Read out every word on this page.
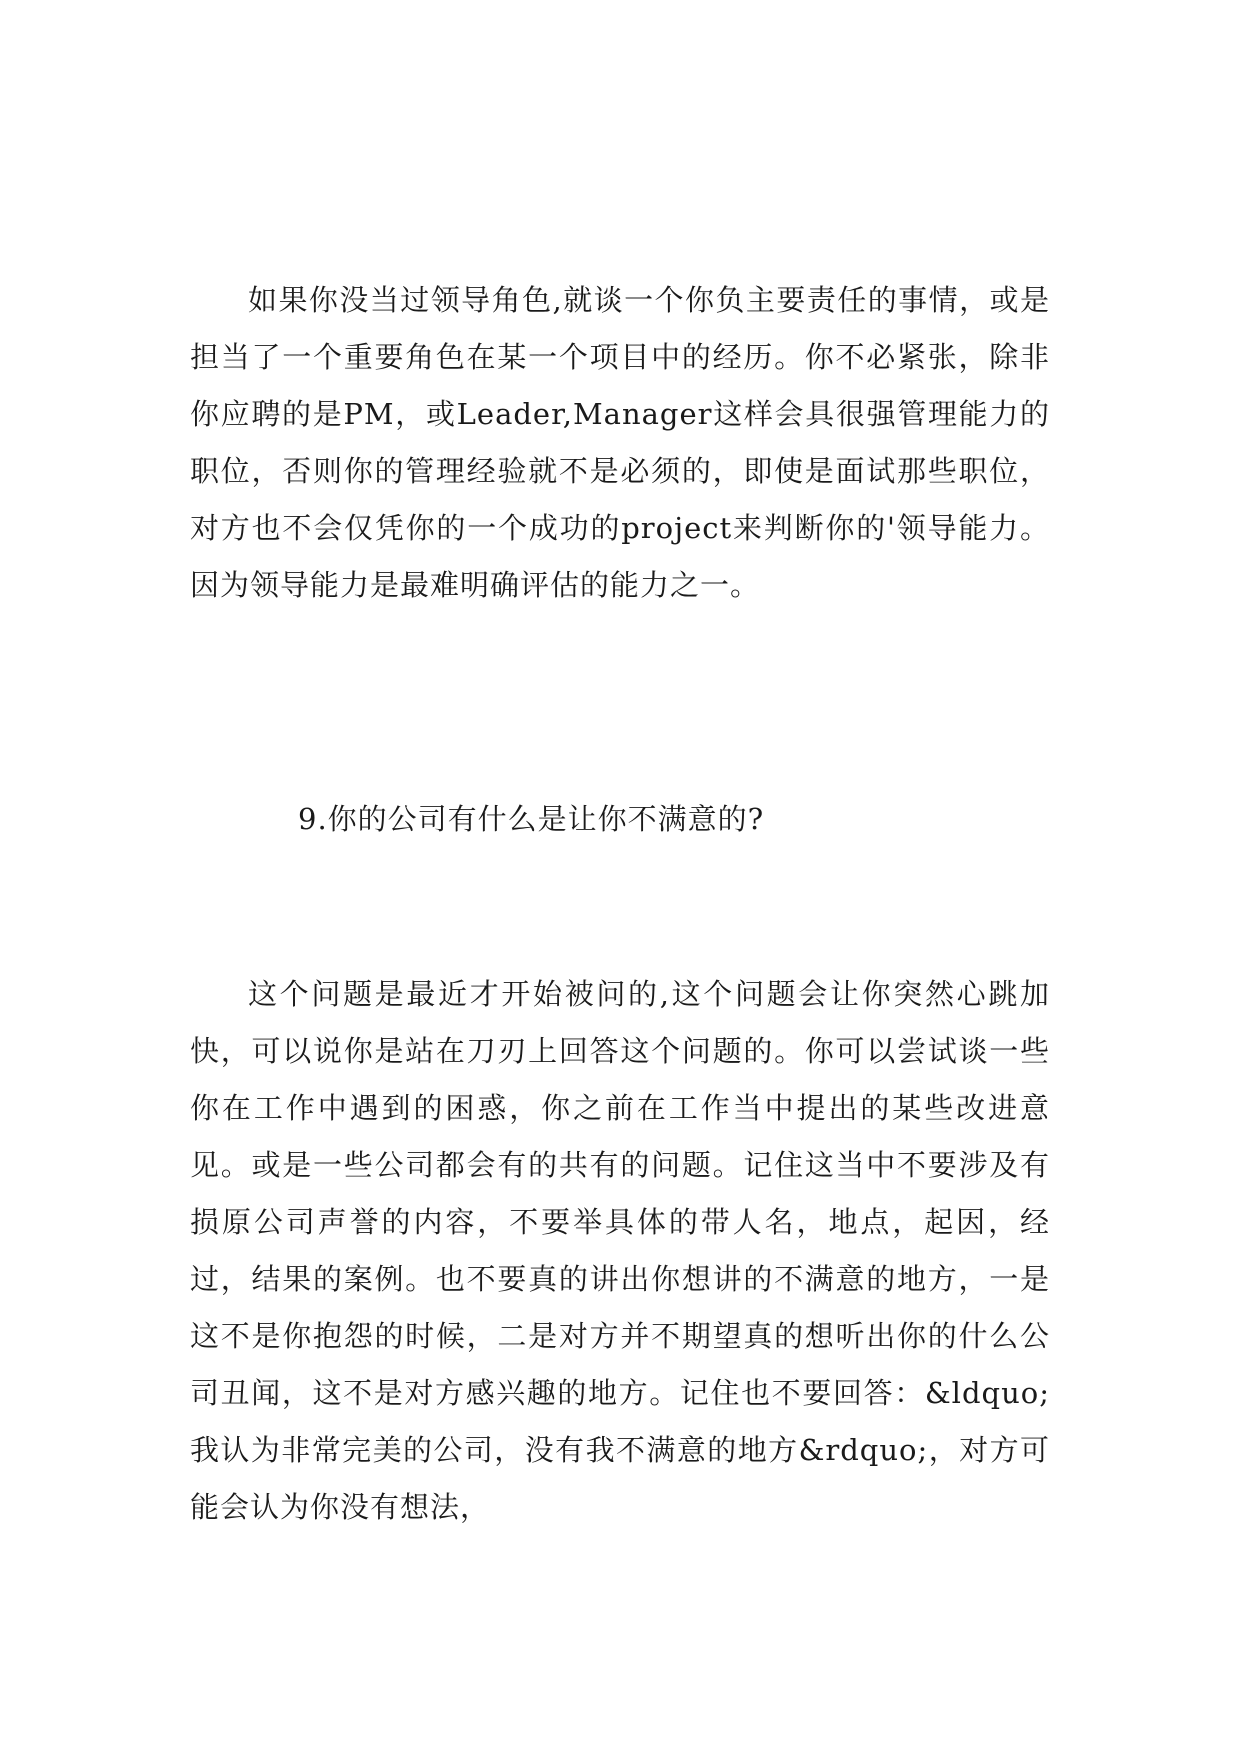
如果你没当过领导角色,就谈一个你负主要责任的事情，或是担当了一个重要角色在某一个项目中的经历。你不必紧张，除非你应聘的是PM，或Leader,Manager这样会具很强管理能力的职位，否则你的管理经验就不是必须的，即使是面试那些职位，对方也不会仅凭你的一个成功的project来判断你的'领导能力。因为领导能力是最难明确评估的能力之一。

9.你的公司有什么是让你不满意的?

这个问题是最近才开始被问的,这个问题会让你突然心跳加快，可以说你是站在刀刃上回答这个问题的。你可以尝试谈一些你在工作中遇到的困惑，你之前在工作当中提出的某些改进意见。或是一些公司都会有的共有的问题。记住这当中不要涉及有损原公司声誉的内容，不要举具体的带人名，地点，起因，经过，结果的案例。也不要真的讲出你想讲的不满意的地方，一是这不是你抱怨的时候，二是对方并不期望真的想听出你的什么公司丑闻，这不是对方感兴趣的地方。记住也不要回答：&ldquo;我认为非常完美的公司，没有我不满意的地方&rdquo;，对方可能会认为你没有想法，
